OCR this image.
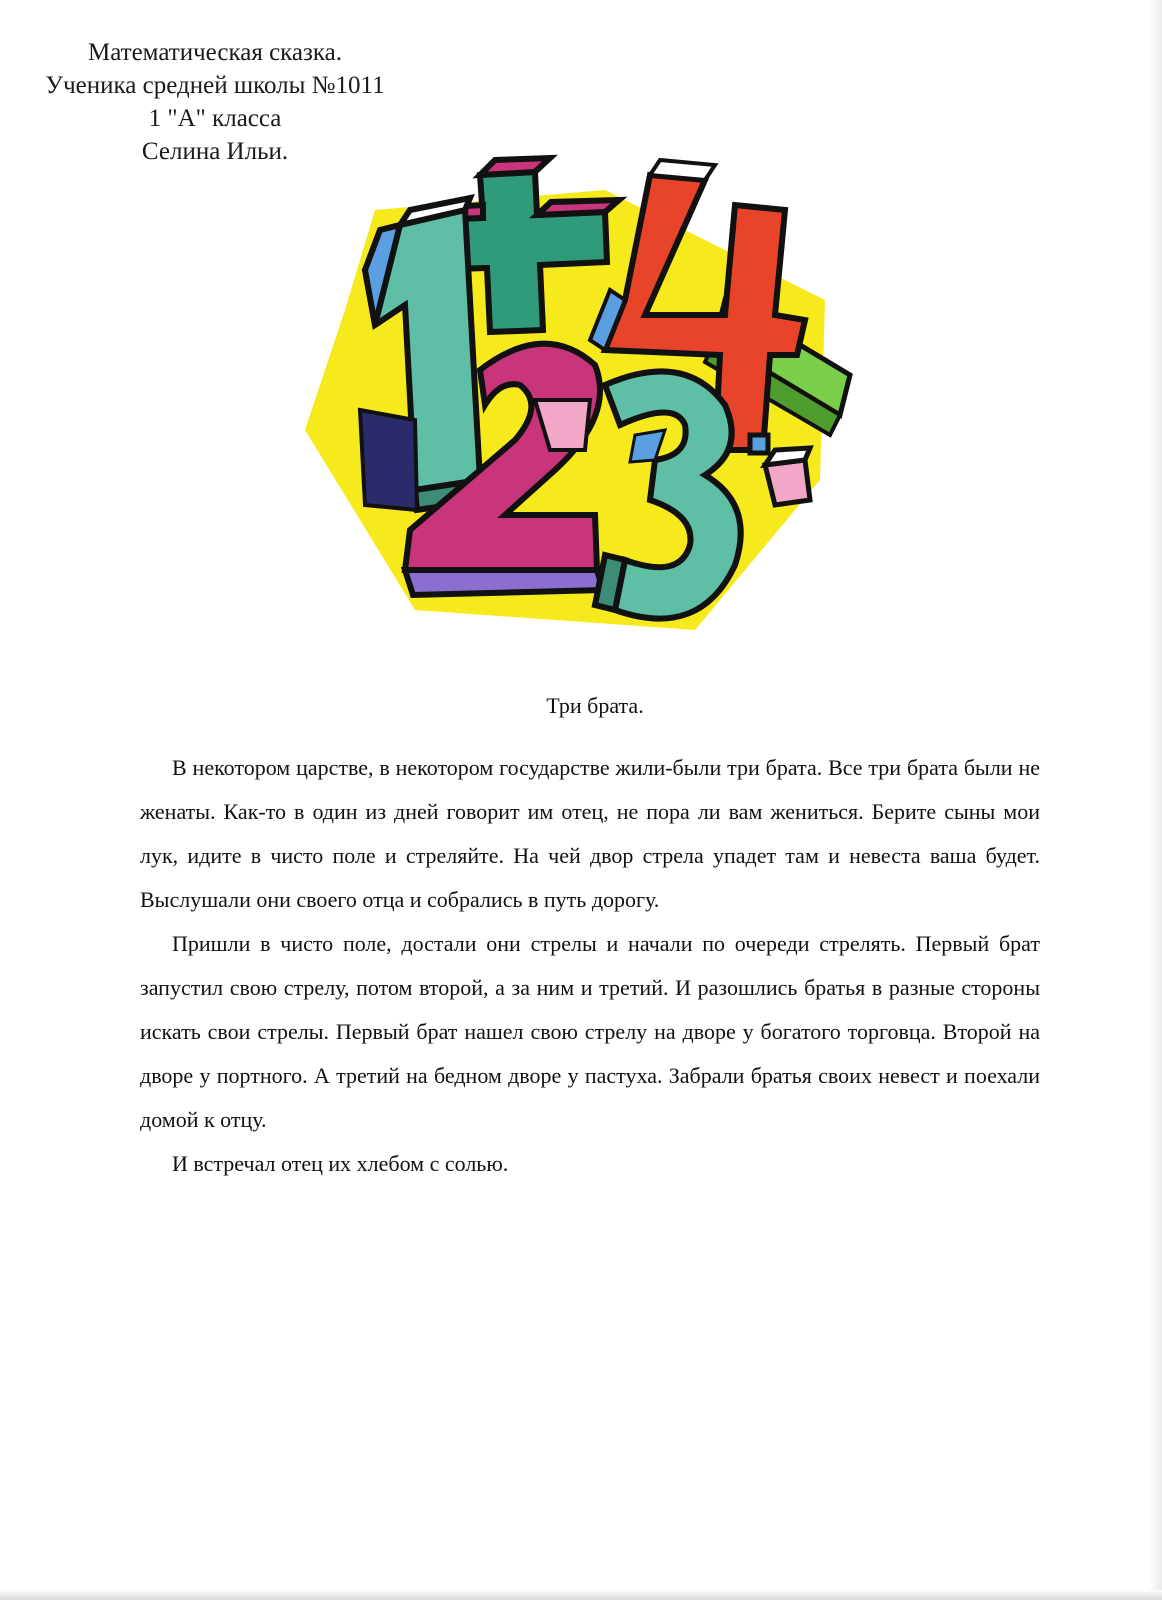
Математическая сказка.
Ученика средней школы №1011
1 "А" класса
Селина Ильи.
Три брата.

В некотором царстве, в некотором государстве жили-были три брата. Все три брата были не женаты. Как-то в один из дней говорит им отец, не пора ли вам жениться. Берите сыны мои лук, идите в чисто поле и стреляйте. На чей двор стрела упадет там и невеста ваша будет. Выслушали они своего отца и собрались в путь дорогу.

Пришли в чисто поле, достали они стрелы и начали по очереди стрелять. Первый брат запустил свою стрелу, потом второй, а за ним и третий. И разошлись братья в разные стороны искать свои стрелы. Первый брат нашел свою стрелу на дворе у богатого торговца. Второй на дворе у портного. А третий на бедном дворе у пастуха. Забрали братья своих невест и поехали домой к отцу.

И встречал отец их хлебом с солью.
